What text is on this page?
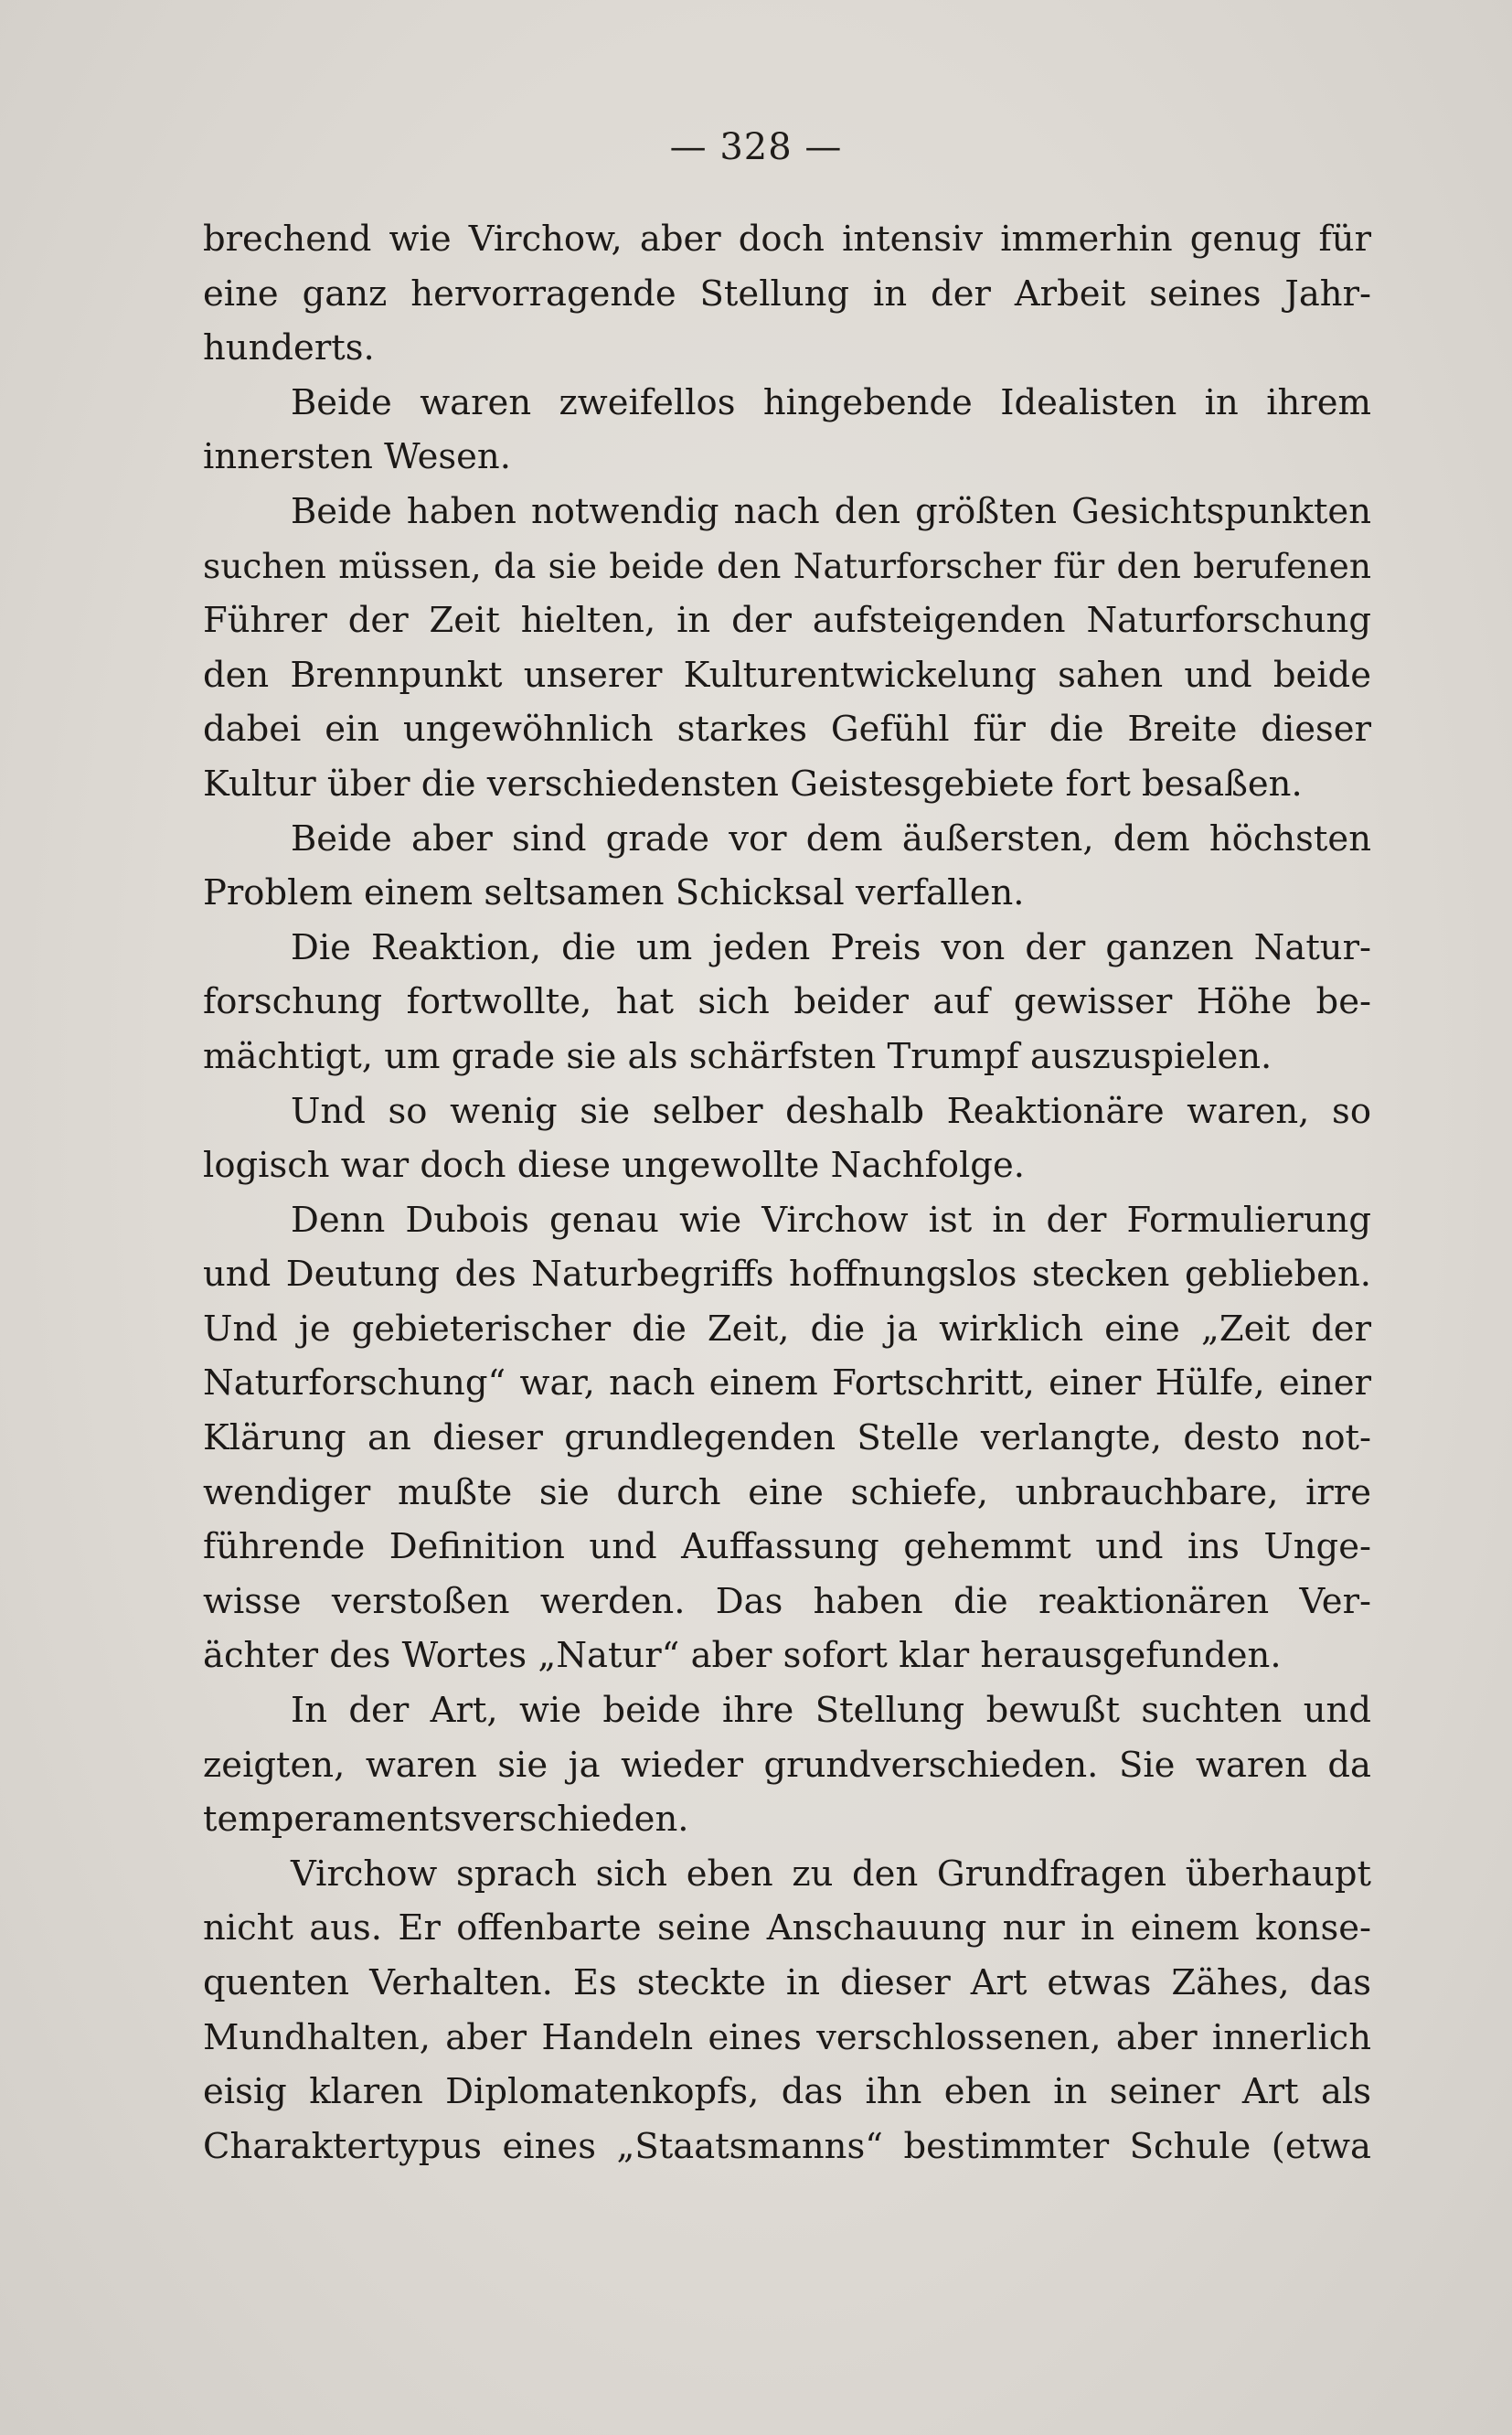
— 328 —
brechend wie Virchow, aber doch intensiv immerhin genug für
eine ganz hervorragende Stellung in der Arbeit seines Jahr-
hunderts.
Beide waren zweifellos hingebende Idealisten in ihrem
innersten Wesen.
Beide haben notwendig nach den größten Gesichtspunkten
suchen müssen, da sie beide den Naturforscher für den berufenen
Führer der Zeit hielten, in der aufsteigenden Naturforschung
den Brennpunkt unserer Kulturentwickelung sahen und beide
dabei ein ungewöhnlich starkes Gefühl für die Breite dieser
Kultur über die verschiedensten Geistesgebiete fort besaßen.
Beide aber sind grade vor dem äußersten, dem höchsten
Problem einem seltsamen Schicksal verfallen.
Die Reaktion, die um jeden Preis von der ganzen Natur-
forschung fortwollte, hat sich beider auf gewisser Höhe be-
mächtigt, um grade sie als schärfsten Trumpf auszuspielen.
Und so wenig sie selber deshalb Reaktionäre waren, so
logisch war doch diese ungewollte Nachfolge.
Denn Dubois genau wie Virchow ist in der Formulierung
und Deutung des Naturbegriffs hoffnungslos stecken geblieben.
Und je gebieterischer die Zeit, die ja wirklich eine „Zeit der
Naturforschung“ war, nach einem Fortschritt, einer Hülfe, einer
Klärung an dieser grundlegenden Stelle verlangte, desto not-
wendiger mußte sie durch eine schiefe, unbrauchbare, irre
führende Definition und Auffassung gehemmt und ins Unge-
wisse verstoßen werden. Das haben die reaktionären Ver-
ächter des Wortes „Natur“ aber sofort klar herausgefunden.
In der Art, wie beide ihre Stellung bewußt suchten und
zeigten, waren sie ja wieder grundverschieden. Sie waren da
temperamentsverschieden.
Virchow sprach sich eben zu den Grundfragen überhaupt
nicht aus. Er offenbarte seine Anschauung nur in einem konse-
quenten Verhalten. Es steckte in dieser Art etwas Zähes, das
Mundhalten, aber Handeln eines verschlossenen, aber innerlich
eisig klaren Diplomatenkopfs, das ihn eben in seiner Art als
Charaktertypus eines „Staatsmanns“ bestimmter Schule (etwa
